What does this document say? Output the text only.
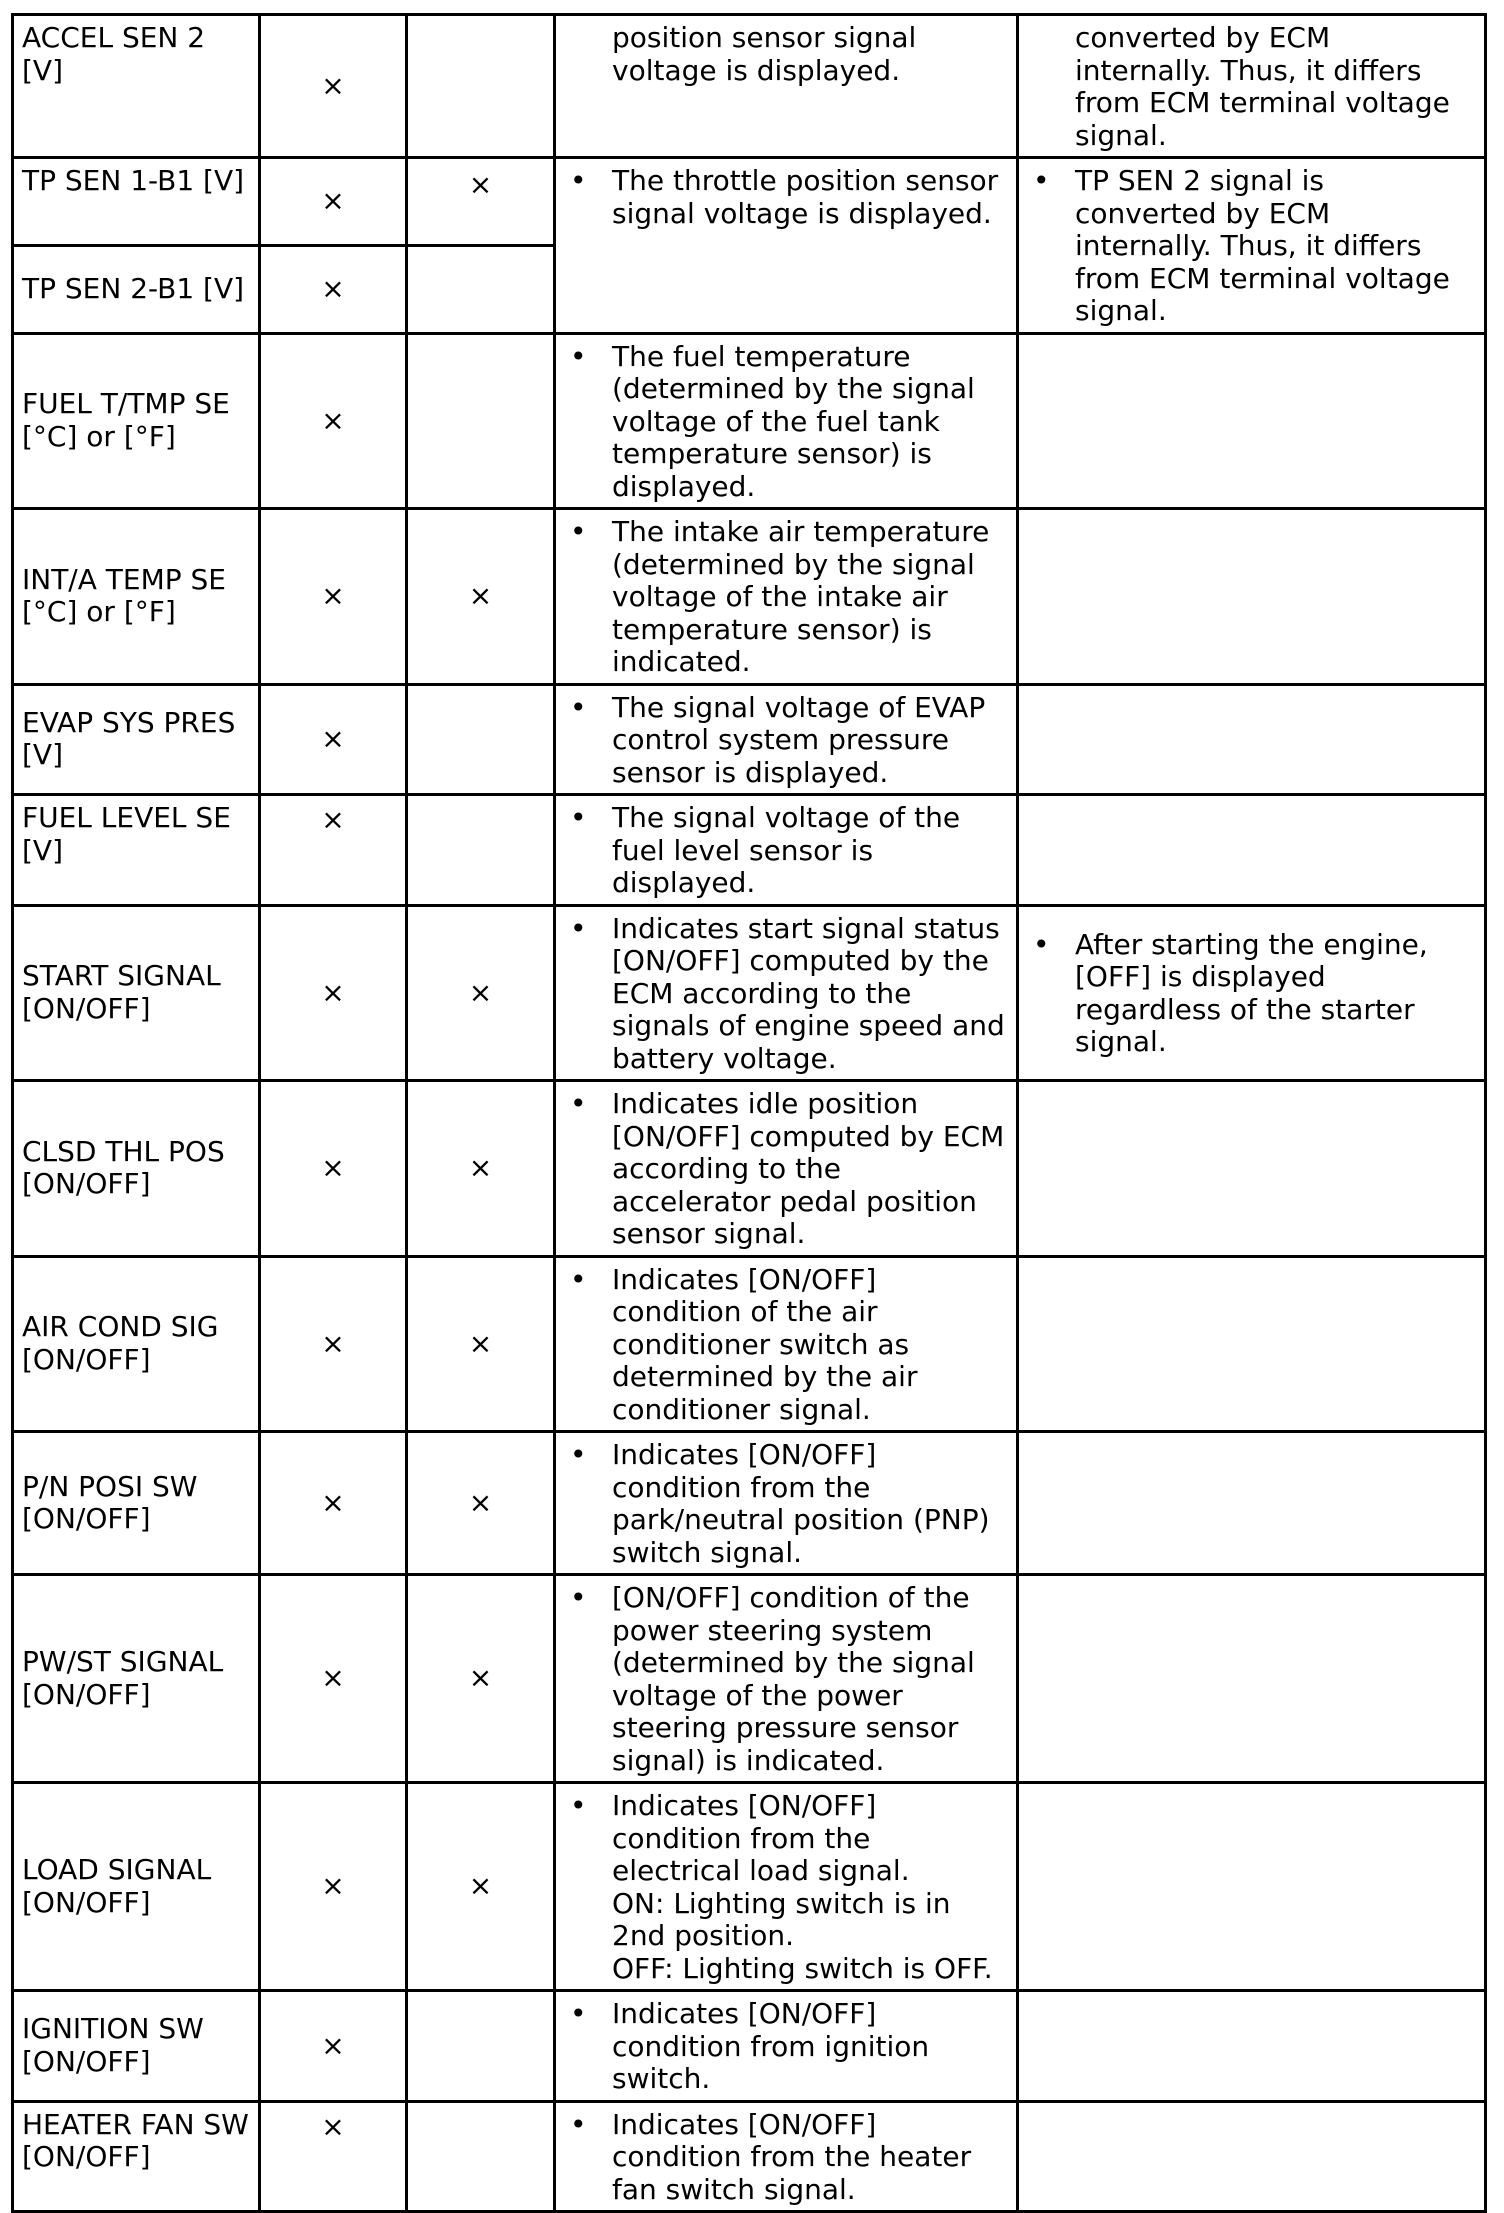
ACCEL SEN 2 [V]	×		position sensor signal voltage is displayed.	converted by ECM internally. Thus, it differs from ECM terminal voltage signal.

TP SEN 1-B1 [V]	×	×	• The throttle position sensor signal voltage is displayed.	• TP SEN 2 signal is converted by ECM internally. Thus, it differs from ECM terminal voltage signal.

TP SEN 2-B1 [V]	×			
FUEL T/TMP SE [°C] or [°F]	×		• The fuel temperature (determined by the signal voltage of the fuel tank temperature sensor) is displayed.	

INT/A TEMP SE [°C] or [°F]	×	×	• The intake air temperature (determined by the signal voltage of the intake air temperature sensor) is indicated.	

EVAP SYS PRES [V]	×		• The signal voltage of EVAP control system pressure sensor is displayed.	

FUEL LEVEL SE [V]	×		• The signal voltage of the fuel level sensor is displayed.	

START SIGNAL [ON/OFF]	×	×	• Indicates start signal status [ON/OFF] computed by the ECM according to the signals of engine speed and battery voltage.	• After starting the engine, [OFF] is displayed regardless of the starter signal.

CLSD THL POS [ON/OFF]	×	×	• Indicates idle position [ON/OFF] computed by ECM according to the accelerator pedal position sensor signal.	

AIR COND SIG [ON/OFF]	×	×	• Indicates [ON/OFF] condition of the air conditioner switch as determined by the air conditioner signal.	

P/N POSI SW [ON/OFF]	×	×	• Indicates [ON/OFF] condition from the park/neutral position (PNP) switch signal.	

PW/ST SIGNAL [ON/OFF]	×	×	• [ON/OFF] condition of the power steering system (determined by the signal voltage of the power steering pressure sensor signal) is indicated.	

LOAD SIGNAL [ON/OFF]	×	×	• Indicates [ON/OFF] condition from the electrical load signal.
ON: Lighting switch is in 2nd position.
OFF: Lighting switch is OFF.	

IGNITION SW [ON/OFF]	×		• Indicates [ON/OFF] condition from ignition switch.	

HEATER FAN SW [ON/OFF]	×		• Indicates [ON/OFF] condition from the heater fan switch signal.	
